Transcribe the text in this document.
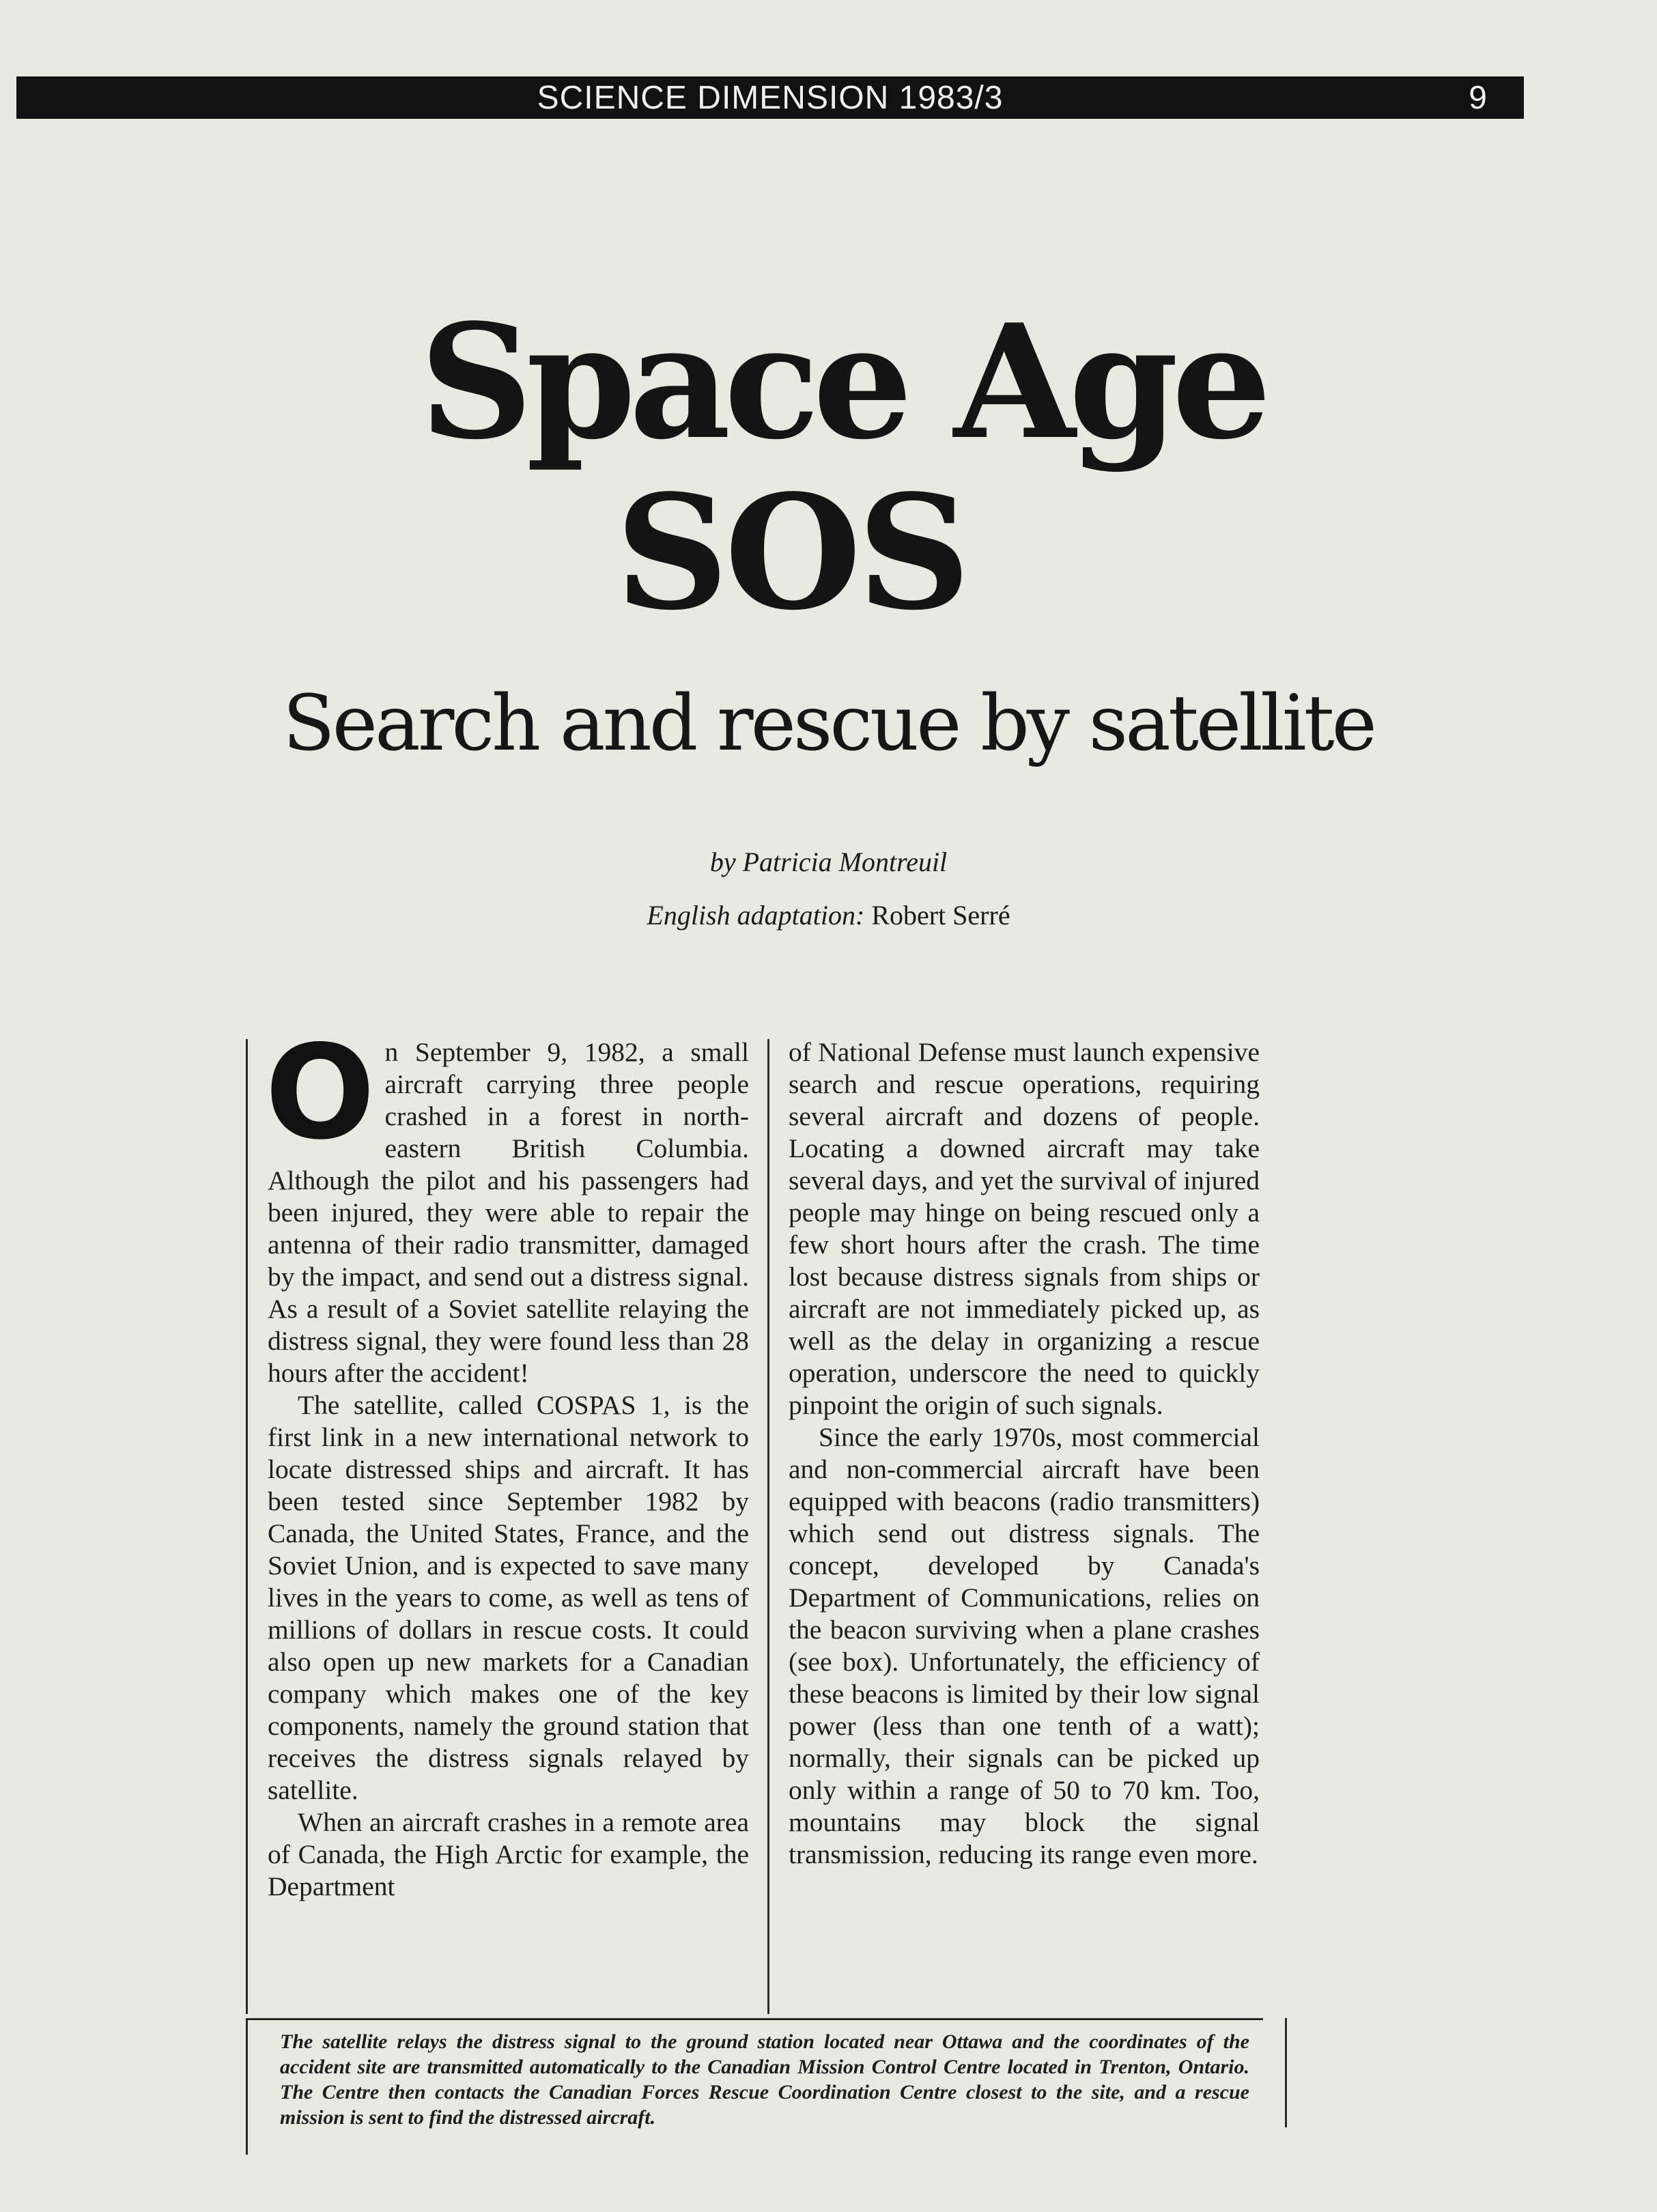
SCIENCE DIMENSION 1983/3	9
Space Age
SOS
Search and rescue by satellite
by Patricia Montreuil
English adaptation: Robert Serré

On September 9, 1982, a small aircraft carrying three people crashed in a forest in north-eastern British Columbia. Although the pilot and his passengers had been injured, they were able to repair the antenna of their radio transmitter, damaged by the impact, and send out a distress signal. As a result of a Soviet satellite relaying the distress signal, they were found less than 28 hours after the accident!

The satellite, called COSPAS 1, is the first link in a new international network to locate distressed ships and aircraft. It has been tested since September 1982 by Canada, the United States, France, and the Soviet Union, and is expected to save many lives in the years to come, as well as tens of millions of dollars in rescue costs. It could also open up new markets for a Canadian company which makes one of the key components, namely the ground station that receives the distress signals relayed by satellite.

When an aircraft crashes in a remote area of Canada, the High Arctic for example, the Department

of National Defense must launch expensive search and rescue operations, requiring several aircraft and dozens of people. Locating a downed aircraft may take several days, and yet the survival of injured people may hinge on being rescued only a few short hours after the crash. The time lost because distress signals from ships or aircraft are not immediately picked up, as well as the delay in organizing a rescue operation, underscore the need to quickly pinpoint the origin of such signals.

Since the early 1970s, most commercial and non-commercial aircraft have been equipped with beacons (radio transmitters) which send out distress signals. The concept, developed by Canada's Department of Communications, relies on the beacon surviving when a plane crashes (see box). Unfortunately, the efficiency of these beacons is limited by their low signal power (less than one tenth of a watt); normally, their signals can be picked up only within a range of 50 to 70 km. Too, mountains may block the signal transmission, reducing its range even more.

The satellite relays the distress signal to the ground station located near Ottawa and the coordinates of the accident site are transmitted automatically to the Canadian Mission Control Centre located in Trenton, Ontario. The Centre then contacts the Canadian Forces Rescue Coordination Centre closest to the site, and a rescue mission is sent to find the distressed aircraft.
